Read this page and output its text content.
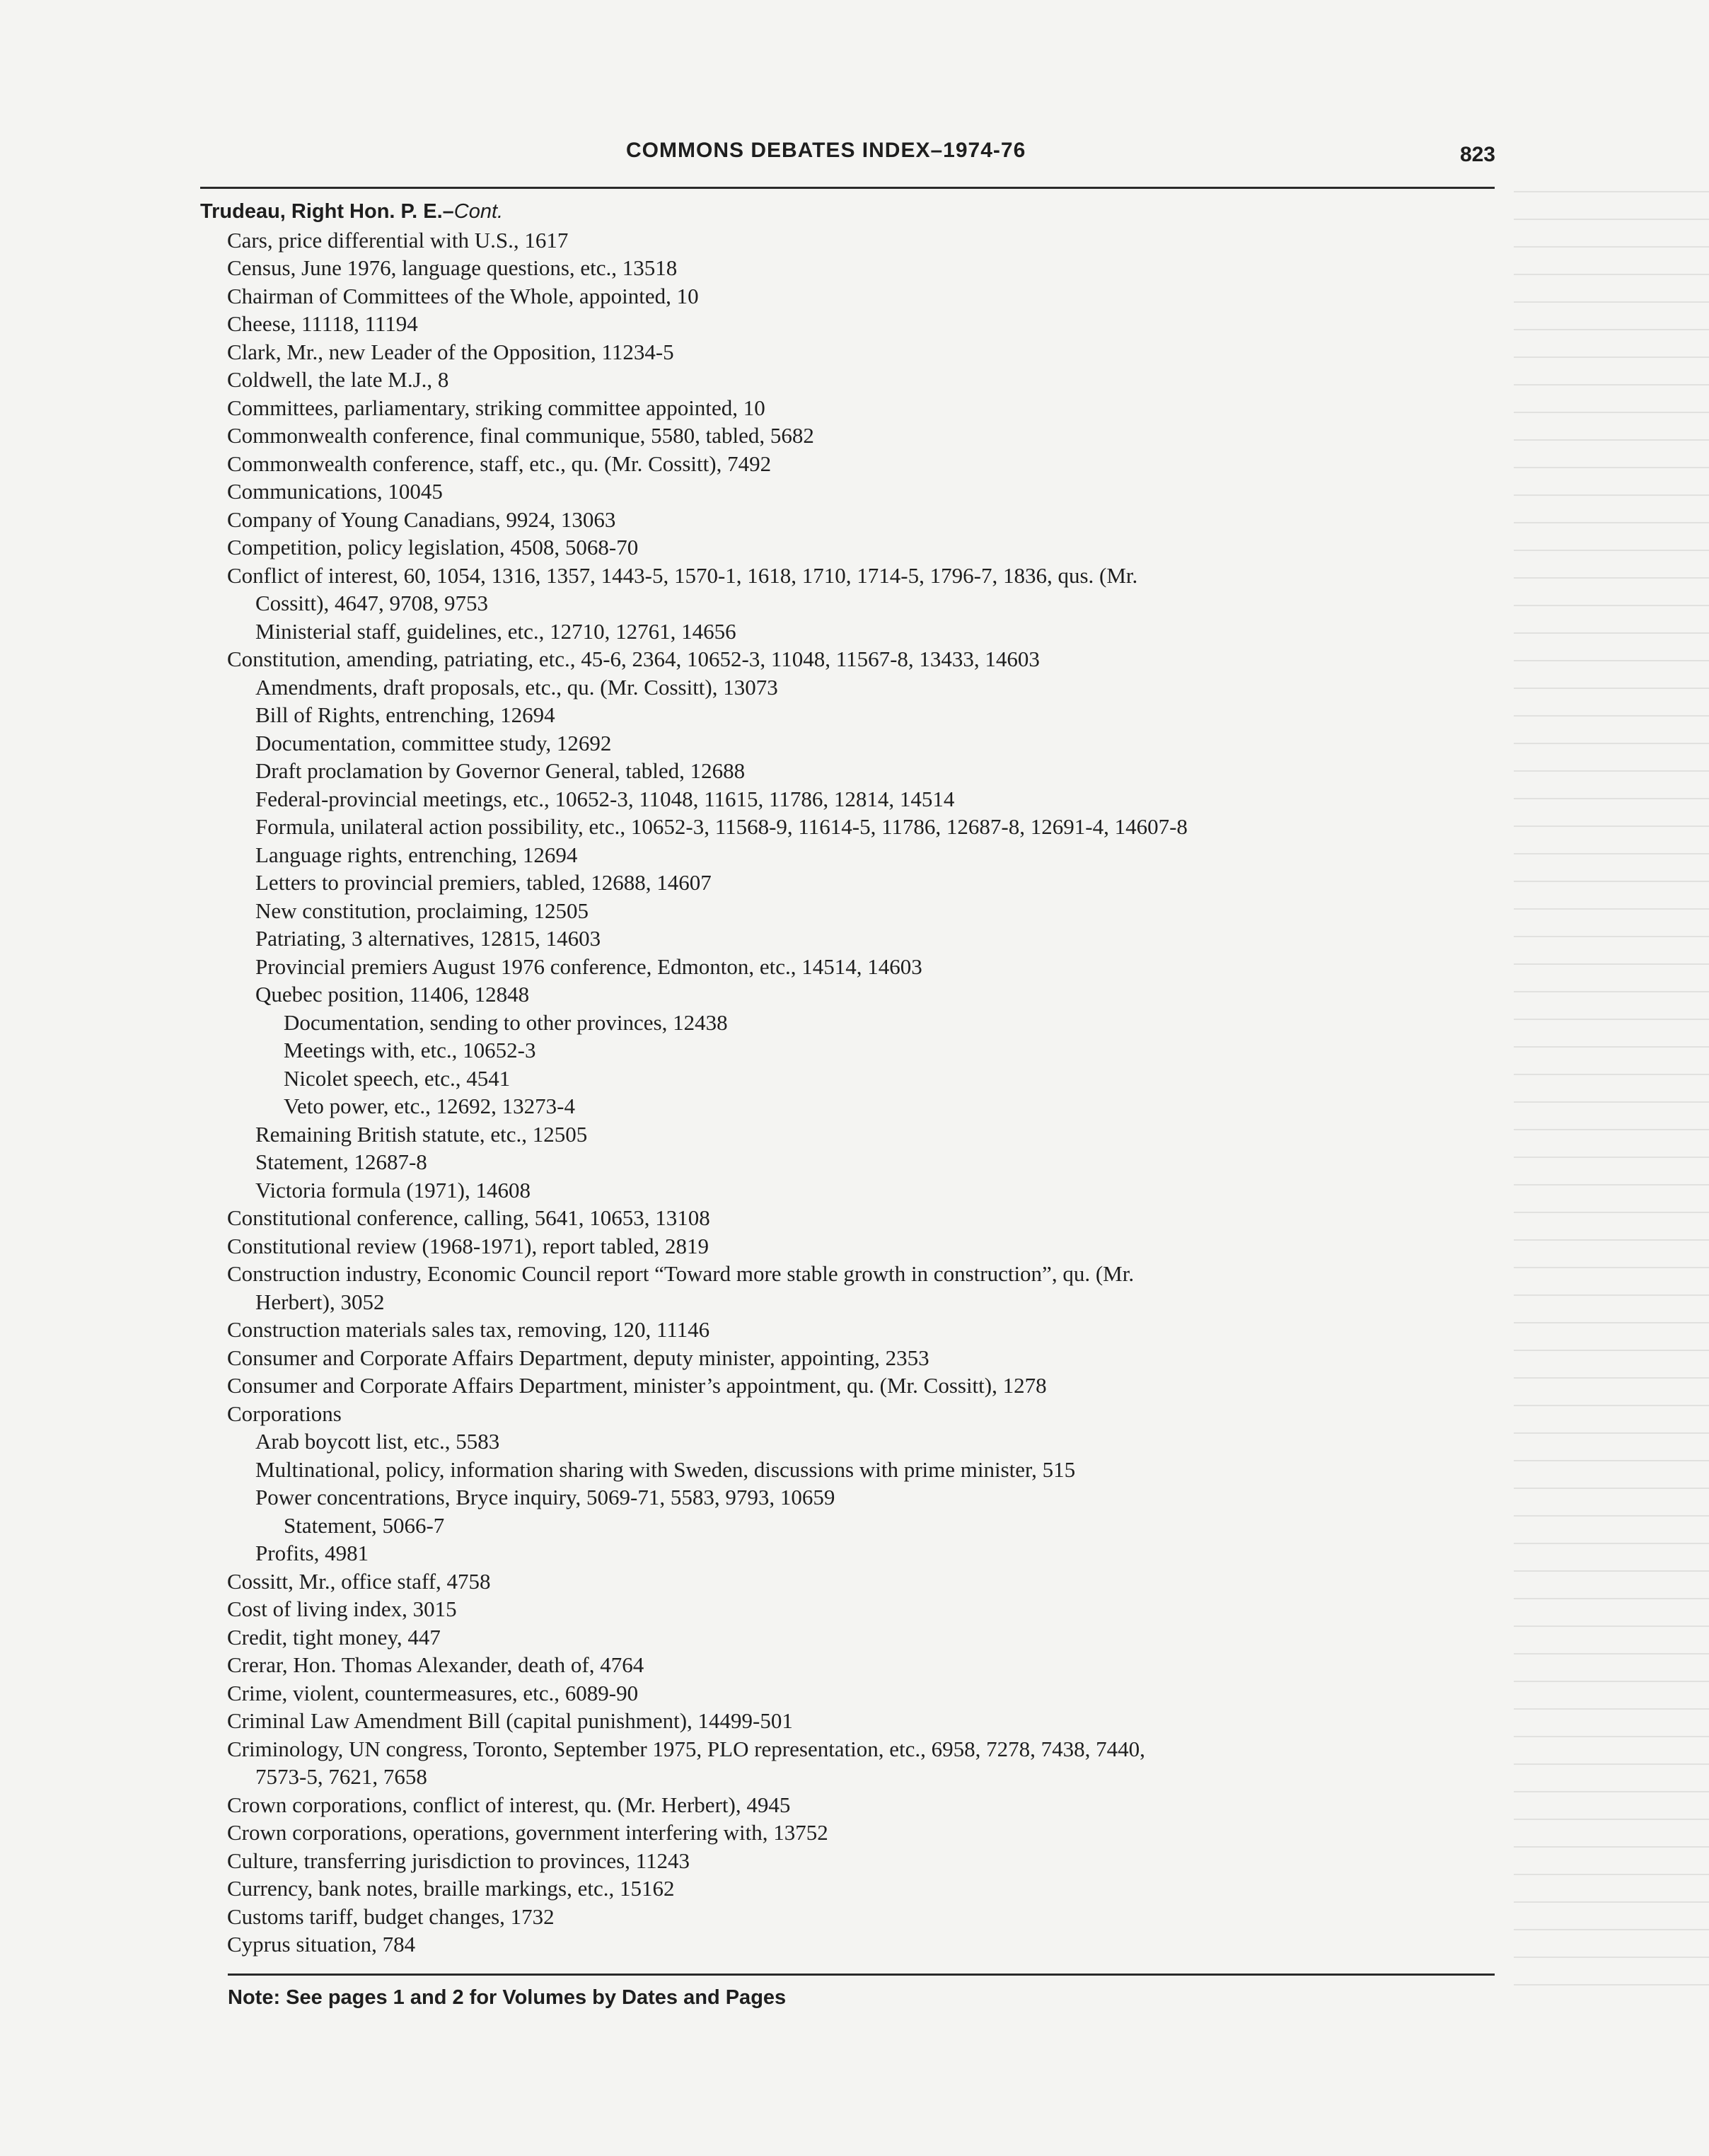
COMMONS DEBATES INDEX–1974-76	823
Trudeau, Right Hon. P. E.–Cont.
Cars, price differential with U.S., 1617
Census, June 1976, language questions, etc., 13518
Chairman of Committees of the Whole, appointed, 10
Cheese, 11118, 11194
Clark, Mr., new Leader of the Opposition, 11234-5
Coldwell, the late M.J., 8
Committees, parliamentary, striking committee appointed, 10
Commonwealth conference, final communique, 5580, tabled, 5682
Commonwealth conference, staff, etc., qu. (Mr. Cossitt), 7492
Communications, 10045
Company of Young Canadians, 9924, 13063
Competition, policy legislation, 4508, 5068-70
Conflict of interest, 60, 1054, 1316, 1357, 1443-5, 1570-1, 1618, 1710, 1714-5, 1796-7, 1836, qus. (Mr.
Cossitt), 4647, 9708, 9753
Ministerial staff, guidelines, etc., 12710, 12761, 14656
Constitution, amending, patriating, etc., 45-6, 2364, 10652-3, 11048, 11567-8, 13433, 14603
Amendments, draft proposals, etc., qu. (Mr. Cossitt), 13073
Bill of Rights, entrenching, 12694
Documentation, committee study, 12692
Draft proclamation by Governor General, tabled, 12688
Federal-provincial meetings, etc., 10652-3, 11048, 11615, 11786, 12814, 14514
Formula, unilateral action possibility, etc., 10652-3, 11568-9, 11614-5, 11786, 12687-8, 12691-4, 14607-8
Language rights, entrenching, 12694
Letters to provincial premiers, tabled, 12688, 14607
New constitution, proclaiming, 12505
Patriating, 3 alternatives, 12815, 14603
Provincial premiers August 1976 conference, Edmonton, etc., 14514, 14603
Quebec position, 11406, 12848
Documentation, sending to other provinces, 12438
Meetings with, etc., 10652-3
Nicolet speech, etc., 4541
Veto power, etc., 12692, 13273-4
Remaining British statute, etc., 12505
Statement, 12687-8
Victoria formula (1971), 14608
Constitutional conference, calling, 5641, 10653, 13108
Constitutional review (1968-1971), report tabled, 2819
Construction industry, Economic Council report “Toward more stable growth in construction”, qu. (Mr.
Herbert), 3052
Construction materials sales tax, removing, 120, 11146
Consumer and Corporate Affairs Department, deputy minister, appointing, 2353
Consumer and Corporate Affairs Department, minister’s appointment, qu. (Mr. Cossitt), 1278
Corporations
Arab boycott list, etc., 5583
Multinational, policy, information sharing with Sweden, discussions with prime minister, 515
Power concentrations, Bryce inquiry, 5069-71, 5583, 9793, 10659
Statement, 5066-7
Profits, 4981
Cossitt, Mr., office staff, 4758
Cost of living index, 3015
Credit, tight money, 447
Crerar, Hon. Thomas Alexander, death of, 4764
Crime, violent, countermeasures, etc., 6089-90
Criminal Law Amendment Bill (capital punishment), 14499-501
Criminology, UN congress, Toronto, September 1975, PLO representation, etc., 6958, 7278, 7438, 7440,
7573-5, 7621, 7658
Crown corporations, conflict of interest, qu. (Mr. Herbert), 4945
Crown corporations, operations, government interfering with, 13752
Culture, transferring jurisdiction to provinces, 11243
Currency, bank notes, braille markings, etc., 15162
Customs tariff, budget changes, 1732
Cyprus situation, 784
Note: See pages 1 and 2 for Volumes by Dates and Pages
